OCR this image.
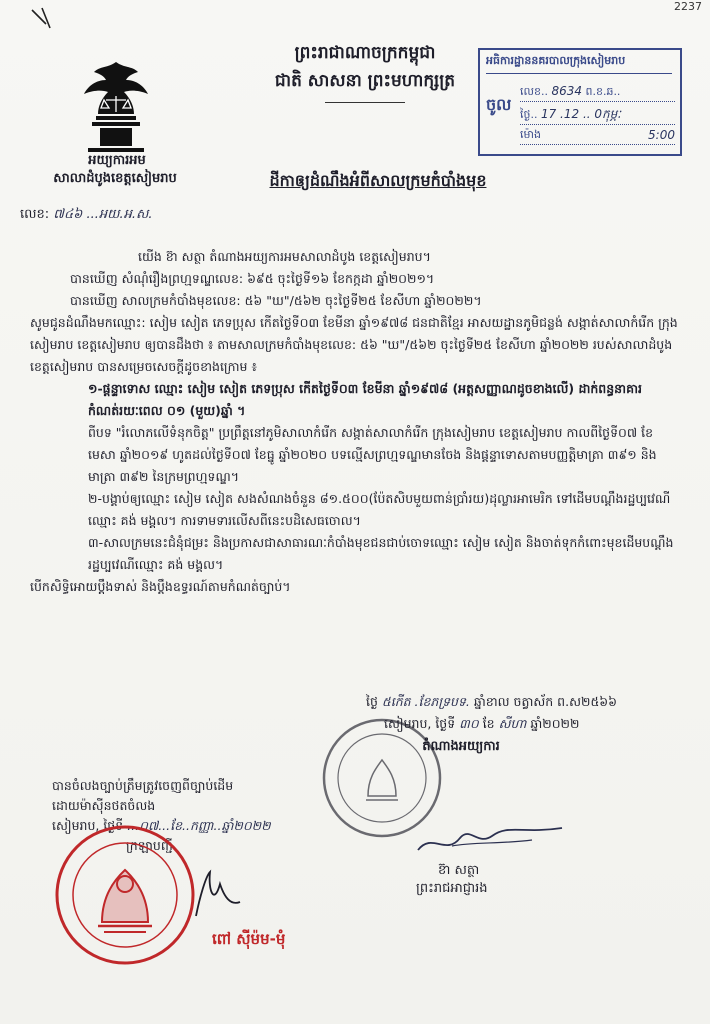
2237
អយ្យការអម
សាលាដំបូងខេត្តសៀមរាប
ព្រះរាជាណាចក្រកម្ពុជា
ជាតិ សាសនា ព្រះមហាក្សត្រ
អធិការដ្ឋាននគរបាលក្រុងសៀមរាប
ចូល
លេខ.. 8634 ព.ខ.ឆ..
ថ្ងៃ.. 17 .12 .. 0កុម្ភៈ
ម៉ោង	5:00
ដីកាឲ្យដំណឹងអំពីសាលក្រមកំបាំងមុខ
លេខ: ៧៤៦ ...អយ.អ.ស.

យើង ខ៊ា សត្ថា តំណាងអយ្យការអមសាលាដំបូង ខេត្តសៀមរាប។

បានឃើញ សំណុំរឿងព្រហ្មទណ្ឌលេខ: ៦៩៥ ចុះថ្ងៃទី១៦ ខែកក្កដា ឆ្នាំ២០២១។

បានឃើញ សាលក្រមកំបាំងមុខលេខ: ៥៦ "ឃ"/៥៦២ ចុះថ្ងៃទី២៥ ខែសីហា ឆ្នាំ២០២២។

សូមជូនដំណឹងមកឈ្មោះ: សៀម សៀត ភេទប្រុស កើតថ្ងៃទី០៣ ខែមីនា ឆ្នាំ១៩៧៨ ជនជាតិខ្មែរ អាសយដ្ឋានភូមិជន្លង់ សង្កាត់សាលាកំរើក ក្រុងសៀមរាប ខេត្តសៀមរាប ឲ្យបានដឹងថា ៖ តាមសាលក្រមកំបាំងមុខលេខ: ៥៦ "ឃ"/៥៦២ ចុះថ្ងៃទី២៥ ខែសីហា ឆ្នាំ២០២២ របស់សាលាដំបូងខេត្តសៀមរាប បានសម្រេចសេចក្តីដូចខាងក្រោម ៖

១-ផ្តន្ទាទោស ឈ្មោះ សៀម សៀត ភេទប្រុស កើតថ្ងៃទី០៣ ខែមីនា ឆ្នាំ១៩៧៨ (អត្តសញ្ញាណដូចខាងលើ) ដាក់ពន្ធនាគារកំណត់រយៈពេល ០១ (មួយ)ឆ្នាំ ។

ពីបទ "រំលោភលើទំនុកចិត្ត" ប្រព្រឹត្តនៅភូមិសាលាកំរើក សង្កាត់សាលាកំរើក ក្រុងសៀមរាប ខេត្តសៀមរាប កាលពីថ្ងៃទី០៧ ខែមេសា ឆ្នាំ២០១៩ ហូតដល់ថ្ងៃទី០៧ ខែធ្នូ ឆ្នាំ២០២០ បទល្មើសព្រហ្មទណ្ឌមានចែង និងផ្តន្ទាទោសតាមបញ្ញត្តិមាត្រា ៣៩១ និងមាត្រា ៣៩២ នៃក្រមព្រហ្មទណ្ឌ។

២-បង្គាប់ឲ្យឈ្មោះ សៀម សៀត សងសំណងចំនួន ៨១.៥០០(ប៉ែតសិបមួយពាន់ប្រាំរយ)ដុល្លារអាមេរិក ទៅដើមបណ្តឹងរដ្ឋប្បវេណីឈ្មោះ គង់ មង្គល។ ការទាមទារលើសពីនេះបដិសេធចោល។

៣-សាលក្រមនេះជំនុំជម្រះ និងប្រកាសជាសាធារណៈកំបាំងមុខជនជាប់ចោទឈ្មោះ សៀម សៀត និងចាត់ទុកកំពោះមុខដើមបណ្តឹងរដ្ឋប្បវេណីឈ្មោះ គង់ មង្គល។

បើកសិទ្ធិអោយប្តឹងទាស់ និងប្តឹងឧទ្ធរណ៍តាមកំណត់ច្បាប់។

ថ្ងៃ ៥កើត .ខែភទ្របទ. ឆ្នាំខាល ចត្វាស័ក ព.ស២៥៦៦
សៀមរាប, ថ្ងៃទី ៣០ ខែ សីហា ឆ្នាំ២០២២
តំណាងអយ្យការ
ខ៊ា សត្ថា
ព្រះរាជអាជ្ញារង
បានចំលងច្បាប់ត្រឹមត្រូវចេញពីច្បាប់ដើម
ដោយម៉ាស៊ីនថតចំលង
សៀមរាប, ថ្ងៃទី ...០៧...ខែ..កញ្ញា..ឆ្នាំ២០២២
ក្រឡាបញ្ជី
ពៅ ស៊ីម៉ម-មុំ
